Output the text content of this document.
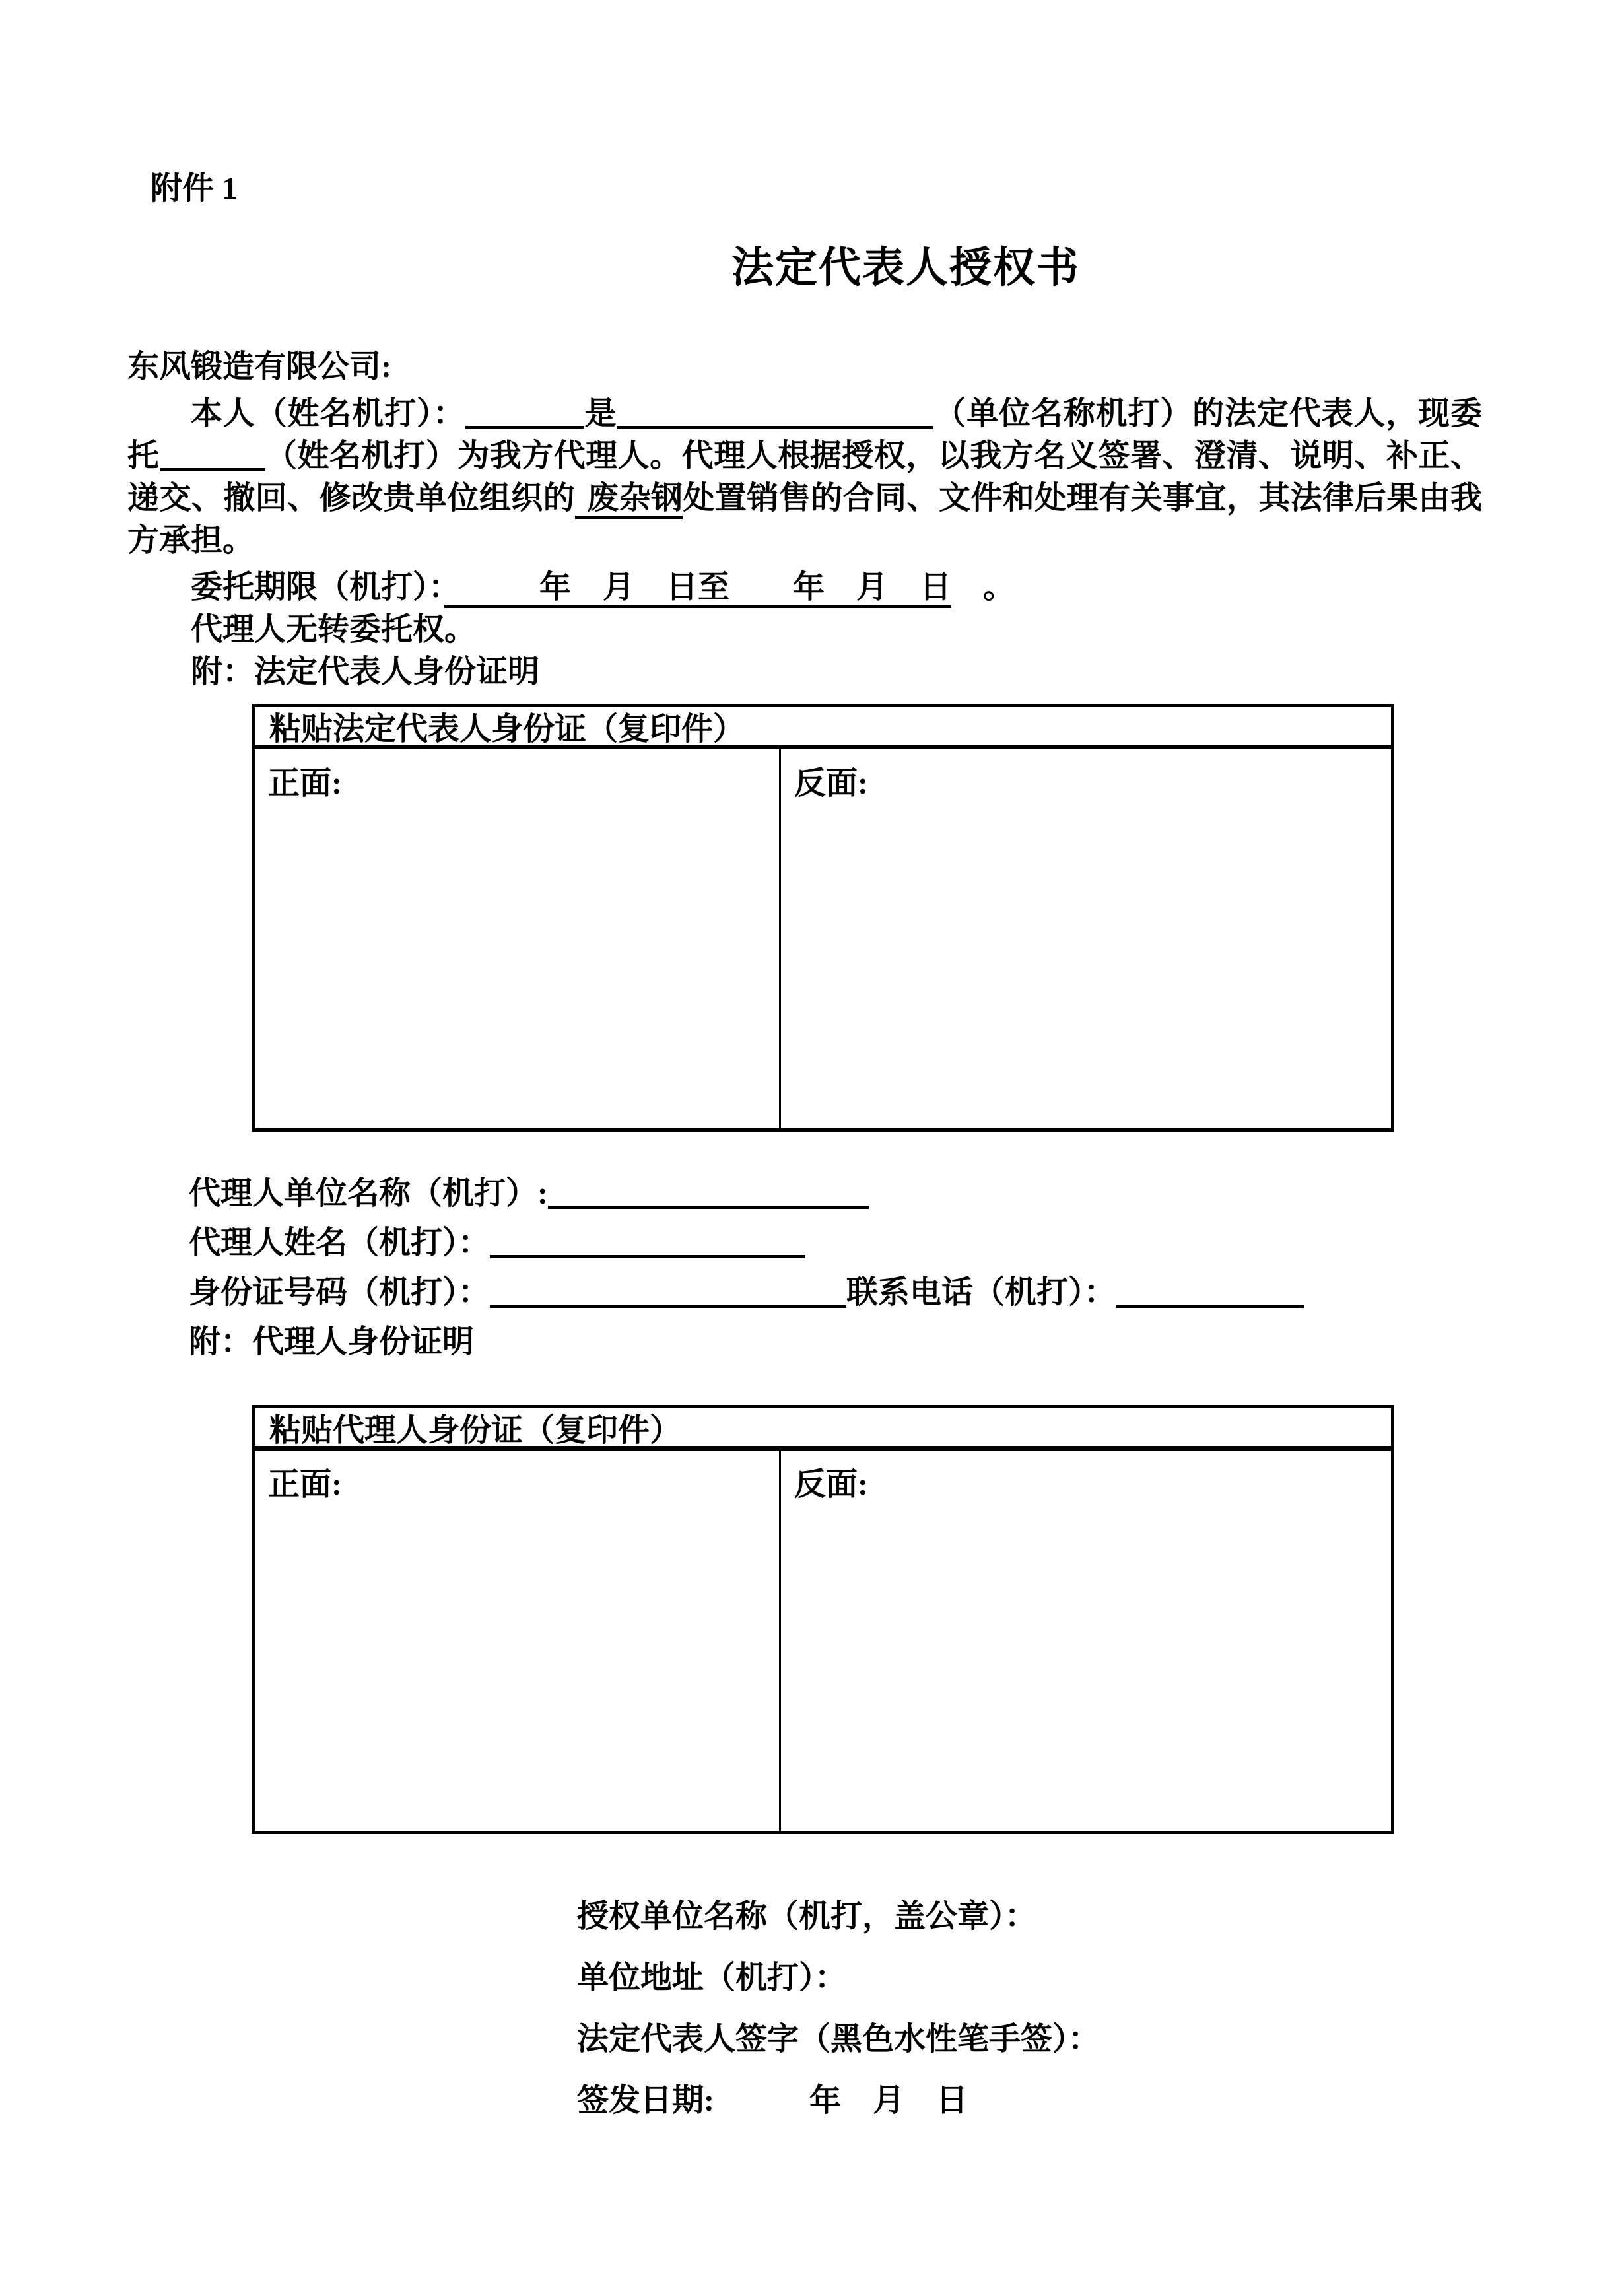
附件 1
法定代表人授权书
东风锻造有限公司:

本人（姓名机打）：	是	（单位名称机打）的法定代表人，现委托	（姓名机打）为我方代理人。代理人根据授权，以我方名义签署、澄清、说明、补正、递交、撤回、修改贵单位组织的 废杂钢处置销售的合同、文件和处理有关事宜，其法律后果由我方承担。

委托期限（机打）：　　　年　月　日至　　年　月　日　。
代理人无转委托权。
附：法定代表人身份证明
粘贴法定代表人身份证（复印件）
正面:	反面:
代理人单位名称（机打）:
代理人姓名（机打）：
身份证号码（机打）：	联系电话（机打）：
附：代理人身份证明
粘贴代理人身份证（复印件）
正面:	反面:
授权单位名称（机打，盖公章）：
单位地址（机打）：
法定代表人签字（黑色水性笔手签）：
签发日期:　　　年　月　日
